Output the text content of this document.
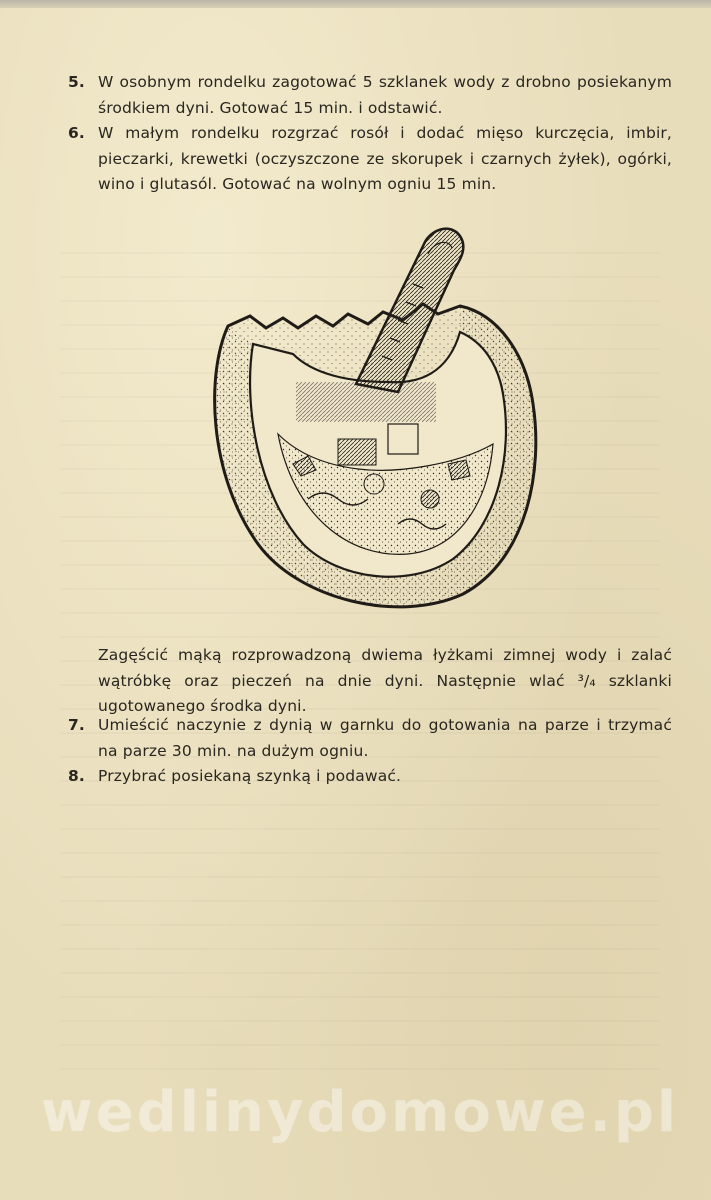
5. W osobnym rondelku zagotować 5 szklanek wody z drobno posiekanym środkiem dyni. Gotować 15 min. i odstawić.
6. W małym rondelku rozgrzać rosół i dodać mięso kurczęcia, imbir, pieczarki, krewetki (oczyszczone ze skorupek i czarnych żyłek), ogórki, wino i glutasól. Gotować na wolnym ogniu 15 min.
Zagęścić mąką rozprowadzoną dwiema łyżkami zimnej wody i zalać wątróbkę oraz pieczeń na dnie dyni. Następnie wlać ³/₄ szklanki ugotowanego środka dyni.
7. Umieścić naczynie z dynią w garnku do gotowania na parze i trzymać na parze 30 min. na dużym ogniu.
8. Przybrać posiekaną szynką i podawać.
wedlinydomowe.pl
